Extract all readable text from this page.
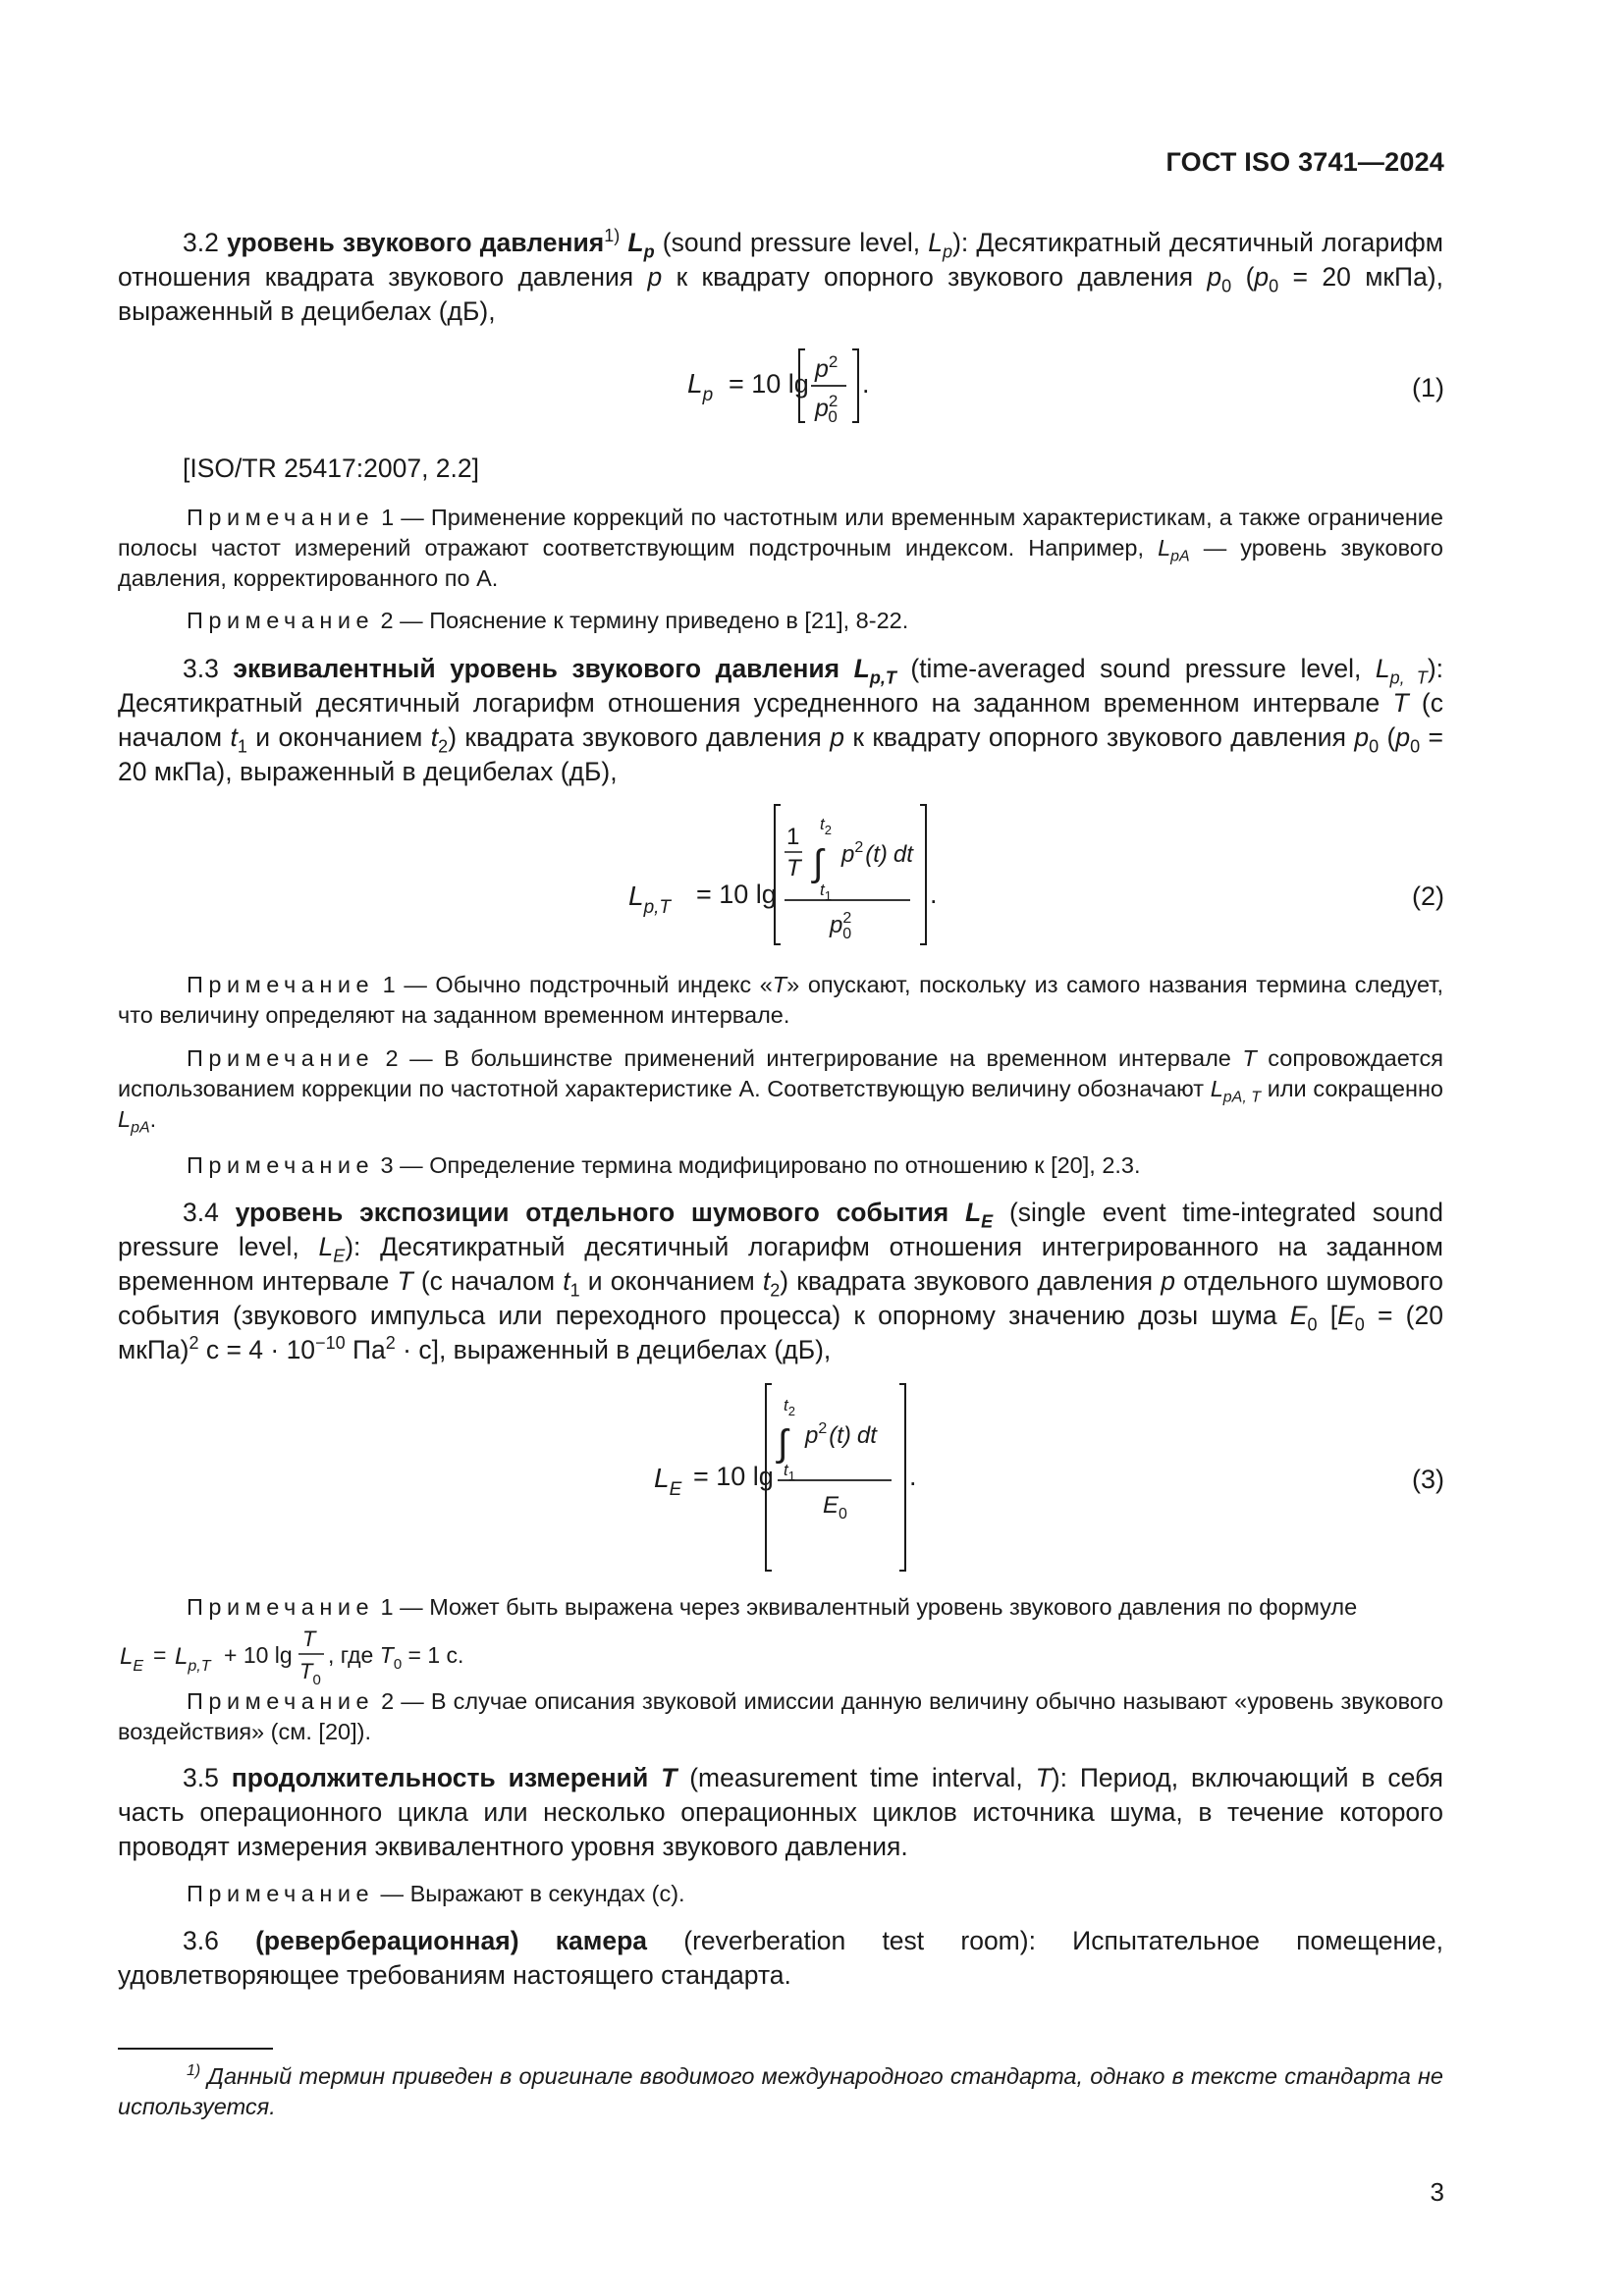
ГОСТ ISO 3741—2024
3.2 уровень звукового давления$^{1)}$ $L_p$ (sound pressure level, $L_p$): Десятикратный десятичный логарифм отношения квадрата звукового давления p к квадрату опорного звукового давления $p_0$ ($p_0 = 20$ мкПа), выраженный в децибелах (дБ),
$L_p = 10$ $\lg p^2$
$p^2$ 0
.	(1)
[ISO/TR 25417:2007, 2.2]
Примечание 1 — Применение коррекций по частотным или временным характеристикам, а также ограничение полосы частот измерений отражают соответствующим подстрочным индексом. Например, $L_{pA}$ — уровень звукового давления, корректированного по A.
Примечание 2 — Пояснение к термину приведено в [21], 8-22.
3.3 эквивалентный уровень звукового давления $L_{p,T}$ (time-averaged sound pressure level, $L_{p, T}$): Десятикратный десятичный логарифм отношения усредненного на заданном временном интервале T (с началом $t_1$ и окончанием $t_2$) квадрата звукового давления p к квадрату опорного звукового давления $p_0$ ($p_0 = 20$ мкПа), выраженный в децибелах (дБ),
$L_{p,T} = 10$ lg
1
T
$t_2$
∫
$t_1$
$p^2(t)$ dt
$p^2$ 0
.	(2)
Примечание 1 — Обычно подстрочный индекс «T» опускают, поскольку из самого названия термина следует, что величину определяют на заданном временном интервале.
Примечание 2 — В большинстве применений интегрирование на временном интервале T сопровождается использованием коррекции по частотной характеристике A. Соответствующую величину обозначают $L_{pA, T}$ или сокращенно $L_{pA}$.
Примечание 3 — Определение термина модифицировано по отношению к [20], 2.3.
3.4 уровень экспозиции отдельного шумового события $L_E$ (single event time-integrated sound pressure level, $L_E$): Десятикратный десятичный логарифм отношения интегрированного на заданном временном интервале T (с началом $t_1$ и окончанием $t_2$) квадрата звукового давления p отдельного шумового события (звукового импульса или переходного процесса) к опорному значению дозы шума $E_0$ [$E_0 = (20$ мкПа)$^2$ $с = 4 \cdot 10^{-10}$ $Па^2 \cdot с$], выраженный в децибелах (дБ),
$L_E = 10$ lg
$t_2$
∫
$t_1$
$p^2(t)$ dt
$E_0$
.	(3)
Примечание 1 — Может быть выражена через эквивалентный уровень звукового давления по формуле
$L_E = L_{p,T} + 10$ lg
T
$T_0$
, где $T_0 = 1$ с.
Примечание 2 — В случае описания звуковой имиссии данную величину обычно называют «уровень звукового воздействия» (см. [20]).
3.5 продолжительность измерений T (measurement time interval, T): Период, включающий в себя часть операционного цикла или несколько операционных циклов источника шума, в течение которого проводят измерения эквивалентного уровня звукового давления.
Примечание — Выражают в секундах (с).
3.6 (реверберационная) камера (reverberation test room): Испытательное помещение, удовлетворяющее требованиям настоящего стандарта.
$^{1)}$ Данный термин приведен в оригинале вводимого международного стандарта, однако в тексте стандарта не используется.
3
